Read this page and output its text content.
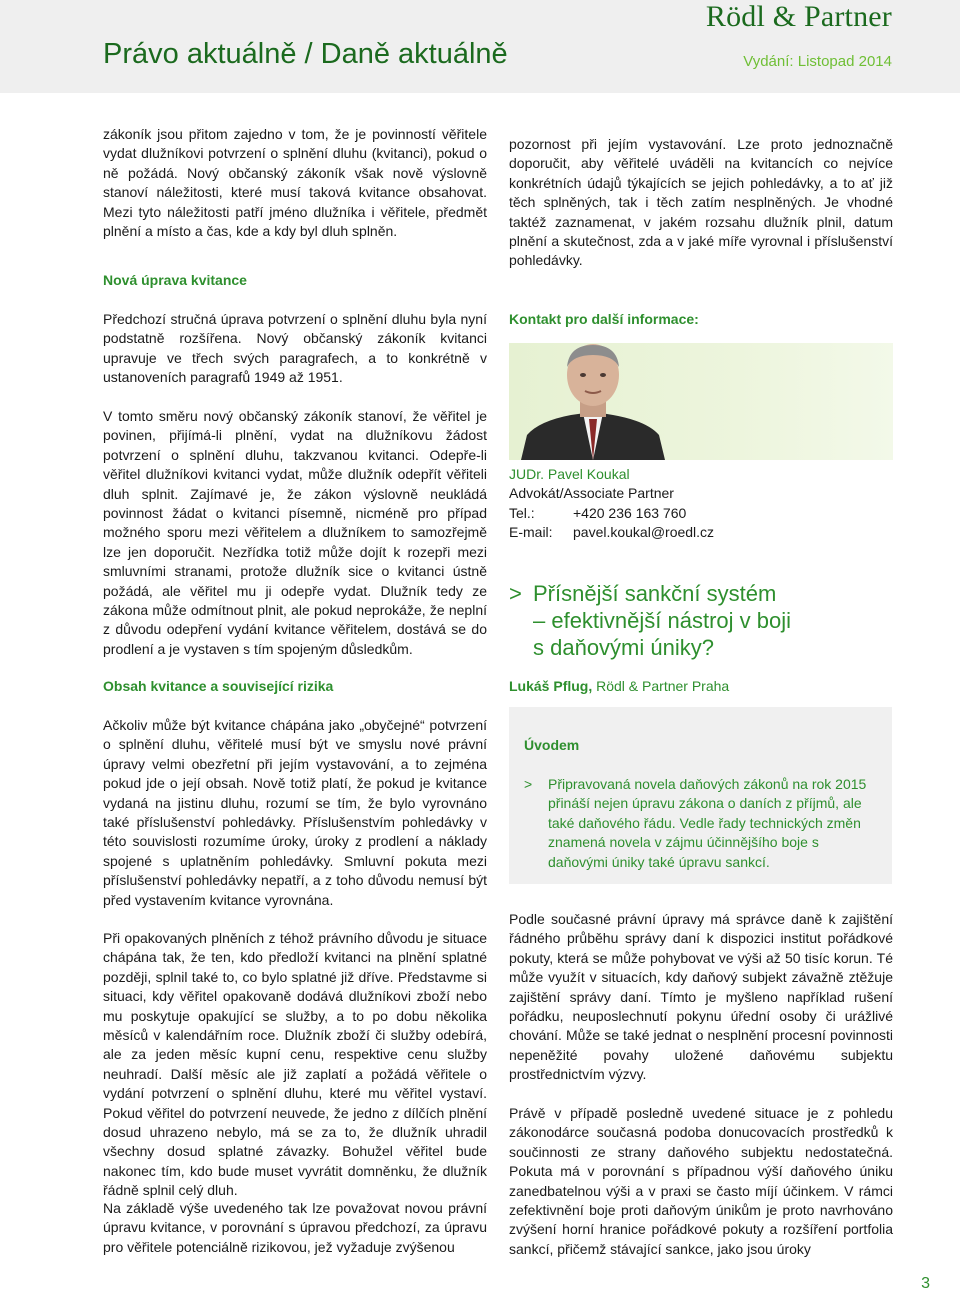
Rödl & Partner
Právo aktuálně / Daně aktuálně	Vydání: Listopad 2014

zákoník jsou přitom zajedno v tom, že je povinností věřitele vydat dlužníkovi potvrzení o splnění dluhu (kvitanci), pokud o ně požádá. Nový občanský zákoník však nově výslovně stanoví náležitosti, které musí taková kvitance obsahovat. Mezi tyto náležitosti patří jméno dlužníka i věřitele, předmět plnění a místo a čas, kde a kdy byl dluh splněn.

Nová úprava kvitance

Předchozí stručná úprava potvrzení o splnění dluhu byla nyní podstatně rozšířena. Nový občanský zákoník kvitanci upravuje ve třech svých paragrafech, a to konkrétně v ustanoveních paragrafů 1949 až 1951.

V tomto směru nový občanský zákoník stanoví, že věřitel je povinen, přijímá-li plnění, vydat na dlužníkovu žádost potvrzení o splnění dluhu, takzvanou kvitanci. Odepře-li věřitel dlužníkovi kvitanci vydat, může dlužník odepřít věřiteli dluh splnit. Zajímavé je, že zákon výslovně neukládá povinnost žádat o kvitanci písemně, nicméně pro případ možného sporu mezi věřitelem a dlužníkem to samozřejmě lze jen doporučit. Nezřídka totiž může dojít k rozepři mezi smluvními stranami, protože dlužník sice o kvitanci ústně požádá, ale věřitel mu ji odepře vydat. Dlužník tedy ze zákona může odmítnout plnit, ale pokud neprokáže, že neplní z důvodu odepření vydání kvitance věřitelem, dostává se do prodlení a je vystaven s tím spojeným důsledkům.

Obsah kvitance a související rizika

Ačkoliv může být kvitance chápána jako „obyčejné“ potvrzení o splnění dluhu, věřitelé musí být ve smyslu nové právní úpravy velmi obezřetní při jejím vystavování, a to zejména pokud jde o její obsah. Nově totiž platí, že pokud je kvitance vydaná na jistinu dluhu, rozumí se tím, že bylo vyrovnáno také příslušenství pohledávky. Příslušenstvím pohledávky v této souvislosti rozumíme úroky, úroky z prodlení a náklady spojené s uplatněním pohledávky. Smluvní pokuta mezi příslušenství pohledávky nepatří, a z toho důvodu nemusí být před vystavením kvitance vyrovnána.

Při opakovaných plněních z téhož právního důvodu je situace chápána tak, že ten, kdo předloží kvitanci na plnění splatné později, splnil také to, co bylo splatné již dříve. Představme si situaci, kdy věřitel opakovaně dodává dlužníkovi zboží nebo mu poskytuje opakující se služby, a to po dobu několika měsíců v kalendářním roce. Dlužník zboží či služby odebírá, ale za jeden měsíc kupní cenu, respektive cenu služby neuhradí. Další měsíc ale již zaplatí a požádá věřitele o vydání potvrzení o splnění dluhu, které mu věřitel vystaví. Pokud věřitel do potvrzení neuvede, že jedno z dílčích plnění dosud uhrazeno nebylo, má se za to, že dlužník uhradil všechny dosud splatné závazky. Bohužel věřitel bude nakonec tím, kdo bude muset vyvrátit domněnku, že dlužník řádně splnil celý dluh.

Na základě výše uvedeného tak lze považovat novou právní úpravu kvitance, v porovnání s úpravou předchozí, za úpravu pro věřitele potenciálně rizikovou, jež vyžaduje zvýšenou

pozornost při jejím vystavování. Lze proto jednoznačně doporučit, aby věřitelé uváděli na kvitancích co nejvíce konkrétních údajů týkajících se jejich pohledávky, a to ať již těch splněných, tak i těch zatím nesplněných. Je vhodné taktéž zaznamenat, v jakém rozsahu dlužník plnil, datum plnění a skutečnost, zda a v jaké míře vyrovnal i příslušenství pohledávky.

Kontakt pro další informace:

JUDr. Pavel Koukal
Advokát/Associate Partner
Tel.:	+420 236 163 760
E-mail:	pavel.koukal@roedl.cz
> Přísnější sankční systém
– efektivnější nástroj v boji
s daňovými úniky?
Lukáš Pflug, Rödl & Partner Praha
Úvodem
> Připravovaná novela daňových zákonů na rok 2015 přináší nejen úpravu zákona o daních z příjmů, ale také daňového řádu. Vedle řady technických změn znamená novela v zájmu účinnějšího boje s daňovými úniky také úpravu sankcí.

Podle současné právní úpravy má správce daně k zajištění řádného průběhu správy daní k dispozici institut pořádkové pokuty, která se může pohybovat ve výši až 50 tisíc korun. Té může využít v situacích, kdy daňový subjekt závažně ztěžuje zajištění správy daní. Tímto je myšleno například rušení pořádku, neuposlechnutí pokynu úřední osoby či urážlivé chování. Může se také jednat o nesplnění procesní povinnosti nepeněžité povahy uložené daňovému subjektu prostřednictvím výzvy.

Právě v případě posledně uvedené situace je z pohledu zákonodárce současná podoba donucovacích prostředků k součinnosti ze strany daňového subjektu nedostatečná. Pokuta má v porovnání s případnou výší daňového úniku zanedbatelnou výši a v praxi se často míjí účinkem. V rámci zefektivnění boje proti daňovým únikům je proto navrhováno zvýšení horní hranice pořádkové pokuty a rozšíření portfolia sankcí, přičemž stávající sankce, jako jsou úroky

3
